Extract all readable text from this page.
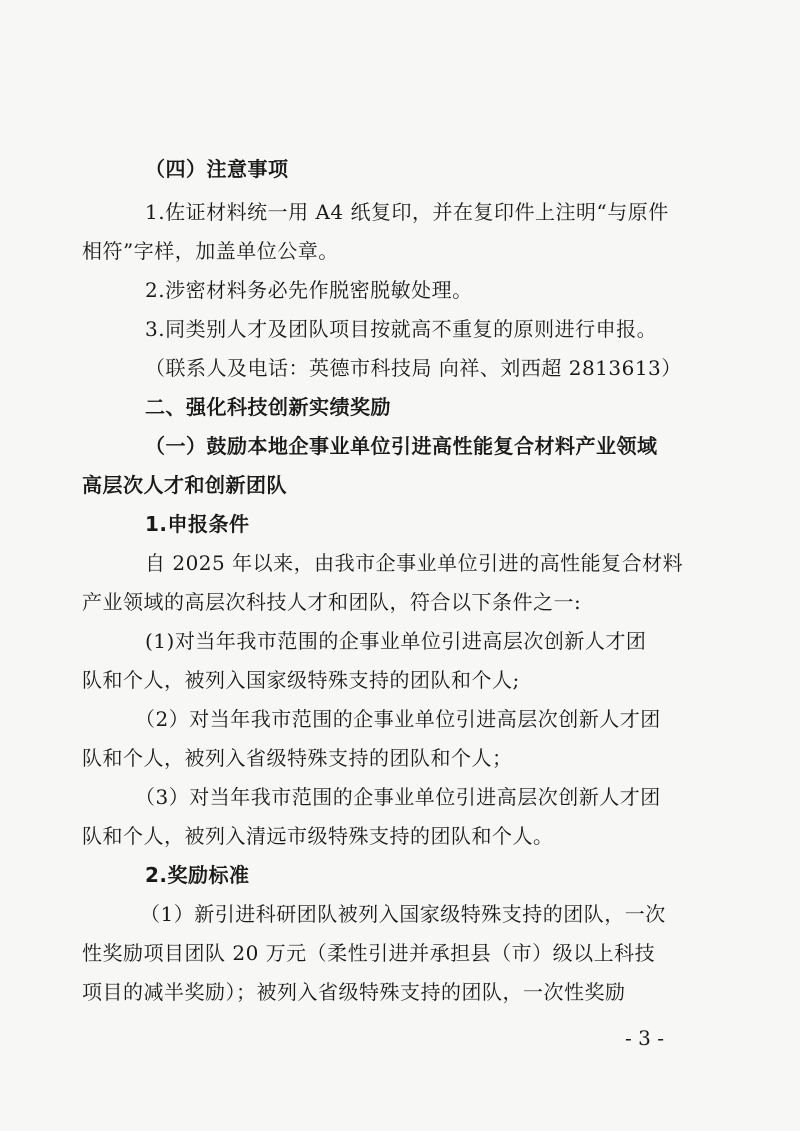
（四）注意事项
1.佐证材料统一用 A4 纸复印，并在复印件上注明“与原件
相符”字样，加盖单位公章。
2.涉密材料务必先作脱密脱敏处理。
3.同类别人才及团队项目按就高不重复的原则进行申报。
（联系人及电话：英德市科技局 向祥、刘西超 2813613）
二、强化科技创新实绩奖励
（一）鼓励本地企事业单位引进高性能复合材料产业领域
高层次人才和创新团队
1.申报条件
自 2025 年以来，由我市企事业单位引进的高性能复合材料
产业领域的高层次科技人才和团队，符合以下条件之一:
(1)对当年我市范围的企事业单位引进高层次创新人才团
队和个人，被列入国家级特殊支持的团队和个人;
（2）对当年我市范围的企事业单位引进高层次创新人才团
队和个人，被列入省级特殊支持的团队和个人；
（3）对当年我市范围的企事业单位引进高层次创新人才团
队和个人，被列入清远市级特殊支持的团队和个人。
2.奖励标准
（1）新引进科研团队被列入国家级特殊支持的团队，一次
性奖励项目团队 20 万元（柔性引进并承担县（市）级以上科技
项目的减半奖励）；被列入省级特殊支持的团队，一次性奖励
- 3 -
